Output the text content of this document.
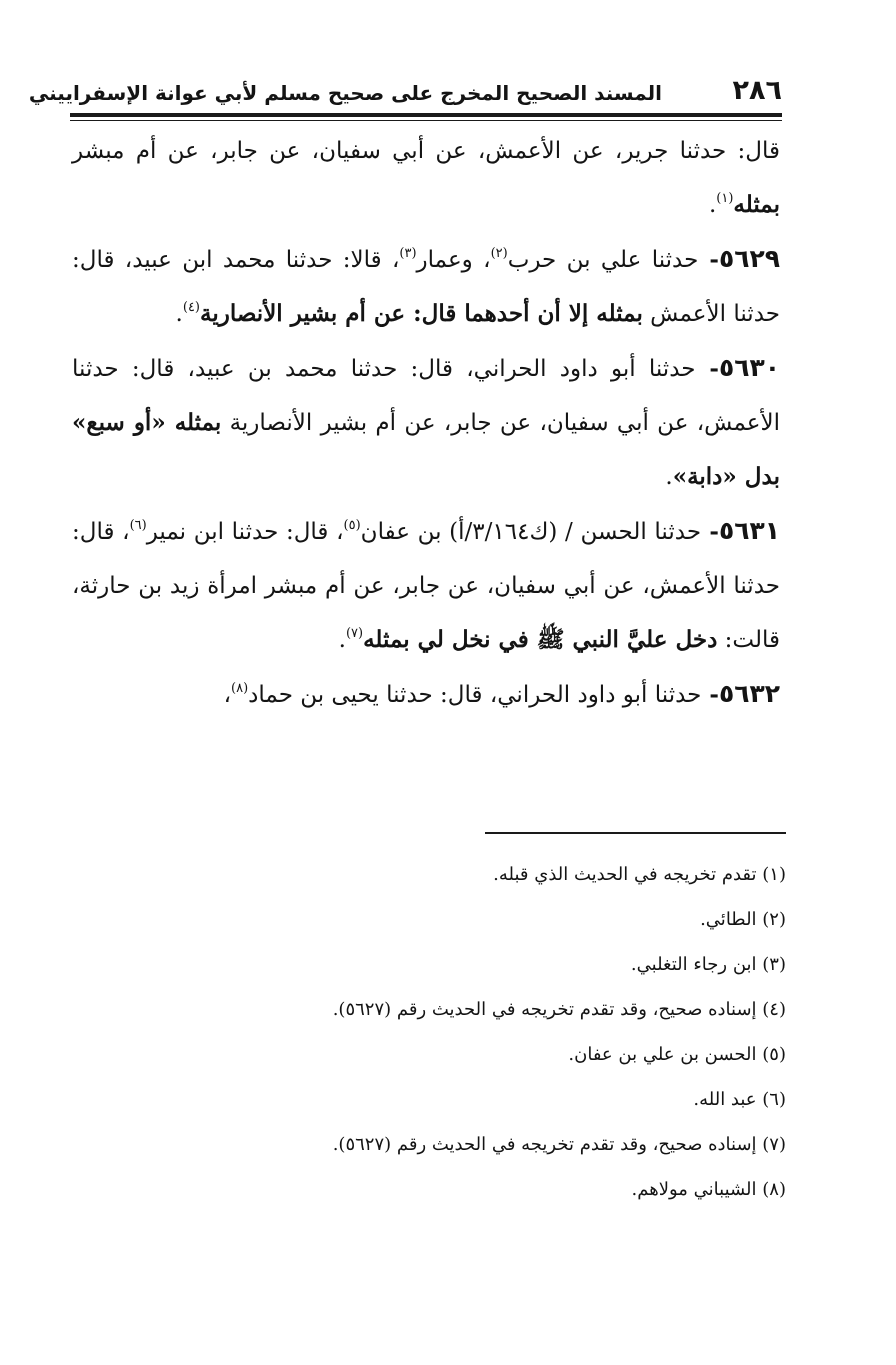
٢٨٦
المسند الصحيح المخرج على صحيح مسلم لأبي عوانة الإسفراييني

قال: حدثنا جرير، عن الأعمش، عن أبي سفيان، عن جابر، عن أم مبشر بمثله$^{(١)}$.

٥٦٢٩- حدثنا علي بن حرب$^{(٢)}$، وعمار$^{(٣)}$، قالا: حدثنا محمد ابن عبيد، قال: حدثنا الأعمش بمثله إلا أن أحدهما قال: عن أم بشير الأنصارية$^{(٤)}$.

٥٦٣٠- حدثنا أبو داود الحراني، قال: حدثنا محمد بن عبيد، قال: حدثنا الأعمش، عن أبي سفيان، عن جابر، عن أم بشير الأنصارية بمثله «أو سبع» بدل «دابة».

٥٦٣١- حدثنا الحسن / (ك٣/١٦٤/أ) بن عفان$^{(٥)}$، قال: حدثنا ابن نمير$^{(٦)}$، قال: حدثنا الأعمش، عن أبي سفيان، عن جابر، عن أم مبشر امرأة زيد بن حارثة، قالت: دخل عليَّ النبي ﷺ في نخل لي بمثله$^{(٧)}$.

٥٦٣٢- حدثنا أبو داود الحراني، قال: حدثنا يحيى بن حماد$^{(٨)}$،

(١) تقدم تخريجه في الحديث الذي قبله.

(٢) الطائي.

(٣) ابن رجاء التغلبي.

(٤) إسناده صحيح، وقد تقدم تخريجه في الحديث رقم (٥٦٢٧).

(٥) الحسن بن علي بن عفان.

(٦) عبد الله.

(٧) إسناده صحيح، وقد تقدم تخريجه في الحديث رقم (٥٦٢٧).

(٨) الشيباني مولاهم.
